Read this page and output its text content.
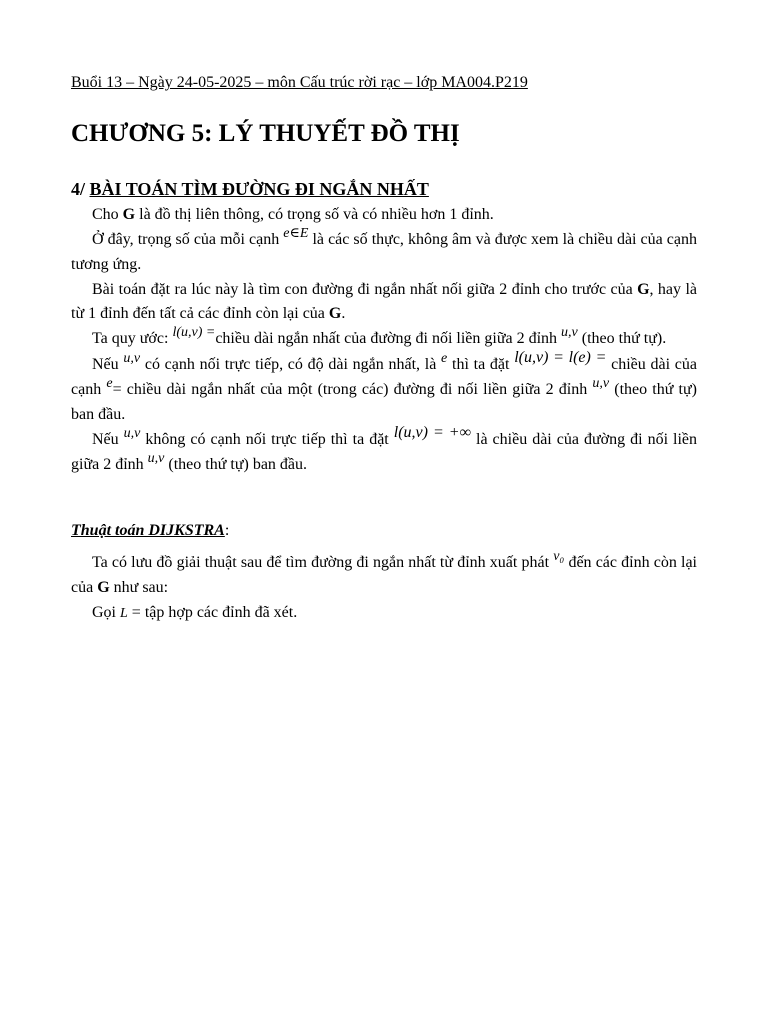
Buổi 13 – Ngày 24-05-2025 – môn Cấu trúc rời rạc – lớp MA004.P219
CHƯƠNG 5: LÝ THUYẾT ĐỒ THỊ
4/ BÀI TOÁN TÌM ĐƯỜNG ĐI NGẮN NHẤT

Cho G là đồ thị liên thông, có trọng số và có nhiều hơn 1 đỉnh.

Ở đây, trọng số của mỗi cạnh e∈E là các số thực, không âm và được xem là chiều dài của cạnh tương ứng.

Bài toán đặt ra lúc này là tìm con đường đi ngắn nhất nối giữa 2 đỉnh cho trước của G, hay là từ 1 đỉnh đến tất cả các đỉnh còn lại của G.

Ta quy ước: l(u,v) =chiều dài ngắn nhất của đường đi nối liền giữa 2 đỉnh u,v (theo thứ tự).

Nếu u,v có cạnh nối trực tiếp, có độ dài ngắn nhất, là e thì ta đặt l(u,v) = l(e) = chiều dài của cạnh e= chiều dài ngắn nhất của một (trong các) đường đi nối liền giữa 2 đỉnh u,v (theo thứ tự) ban đầu.

Nếu u,v không có cạnh nối trực tiếp thì ta đặt l(u,v) = +∞ là chiều dài của đường đi nối liền giữa 2 đỉnh u,v (theo thứ tự) ban đầu.

Thuật toán DIJKSTRA:

Ta có lưu đồ giải thuật sau để tìm đường đi ngắn nhất từ đỉnh xuất phát v₀ đến các đỉnh còn lại của G như sau:

Gọi L = tập hợp các đỉnh đã xét.
